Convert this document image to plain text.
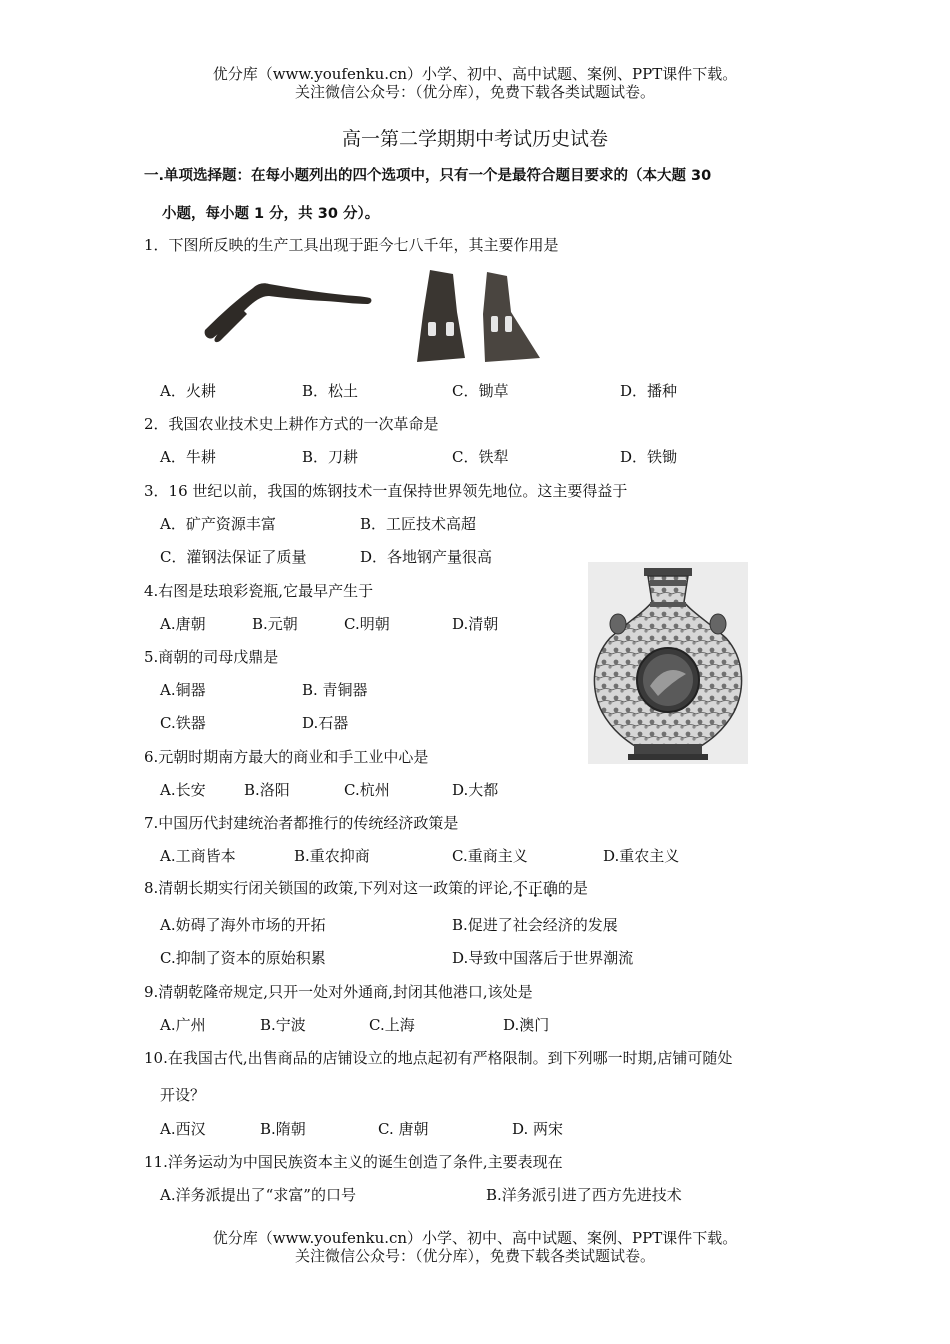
优分库（www.youfenku.cn）小学、初中、高中试题、案例、PPT课件下载。
关注微信公众号：（优分库），免费下载各类试题试卷。
高一第二学期期中考试历史试卷
一.单项选择题：在每小题列出的四个选项中，只有一个是最符合题目要求的（本大题 30
小题，每小题 1 分，共 30 分）。
1．下图所反映的生产工具出现于距今七八千年，其主要作用是
A．火耕	B．松土	C．锄草	D．播种
2．我国农业技术史上耕作方式的一次革命是
A．牛耕	B．刀耕	C．铁犁	D．铁锄
3．16 世纪以前，我国的炼钢技术一直保持世界领先地位。这主要得益于
A．矿产资源丰富	B．工匠技术高超
C．灌钢法保证了质量	D．各地钢产量很高
4.右图是珐琅彩瓷瓶,它最早产生于
A.唐朝	B.元朝	C.明朝	D.清朝
5.商朝的司母戊鼎是
A.铜器	B. 青铜器
C.铁器	D.石器
6.元朝时期南方最大的商业和手工业中心是
A.长安	B.洛阳	C.杭州	D.大都
7.中国历代封建统治者都推行的传统经济政策是
A.工商皆本	B.重农抑商	C.重商主义	D.重农主义
8.清朝长期实行闭关锁国的政策,下列对这一政策的评论,不正确的是
A.妨碍了海外市场的开拓	B.促进了社会经济的发展
C.抑制了资本的原始积累	D.导致中国落后于世界潮流
9.清朝乾隆帝规定,只开一处对外通商,封闭其他港口,该处是
A.广州	B.宁波	C.上海	D.澳门
10.在我国古代,出售商品的店铺设立的地点起初有严格限制。到下列哪一时期,店铺可随处
开设？
A.西汉	B.隋朝	C. 唐朝	D. 两宋
11.洋务运动为中国民族资本主义的诞生创造了条件,主要表现在
A.洋务派提出了“求富”的口号	B.洋务派引进了西方先进技术
优分库（www.youfenku.cn）小学、初中、高中试题、案例、PPT课件下载。
关注微信公众号：（优分库），免费下载各类试题试卷。
